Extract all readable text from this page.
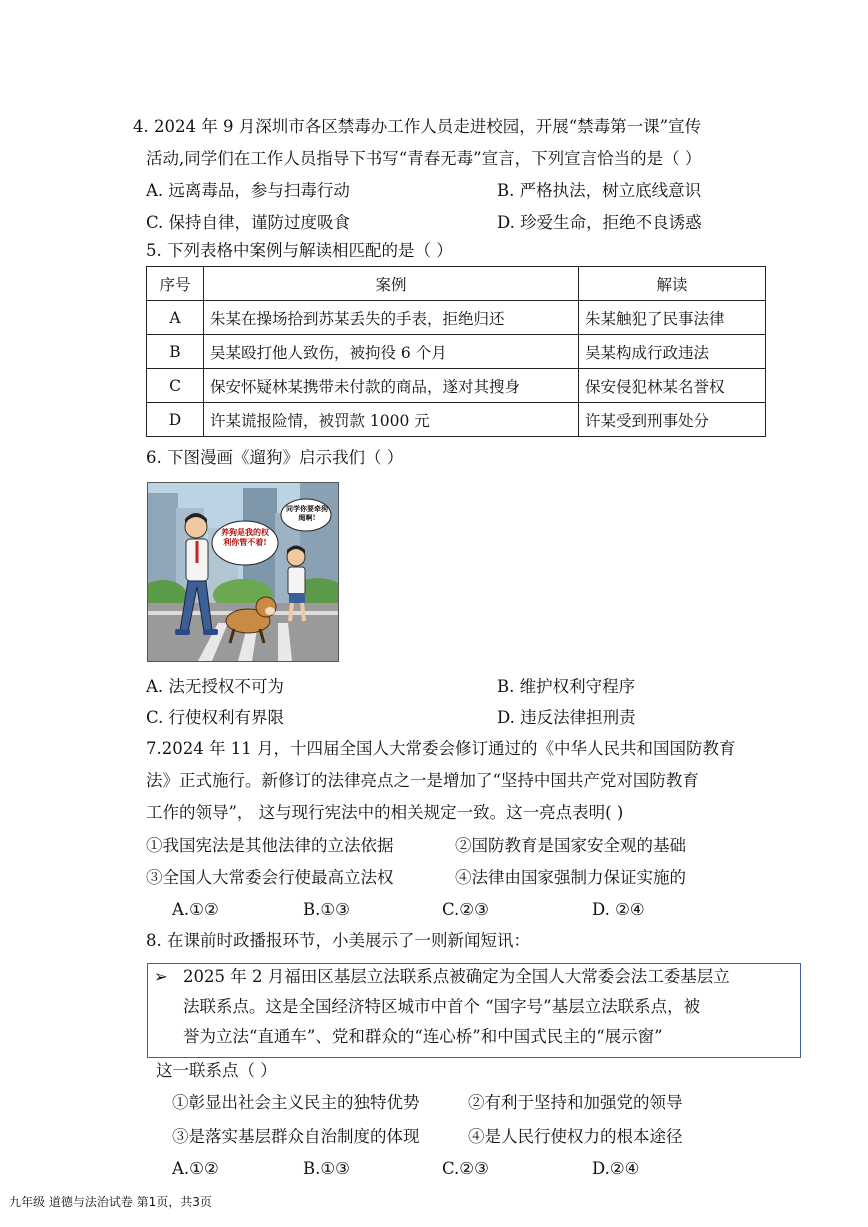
4. 2024 年 9 月深圳市各区禁毒办工作人员走进校园，开展“禁毒第一课”宣传
活动,同学们在工作人员指导下书写“青春无毒”宣言，下列宣言恰当的是（ ）
A. 远离毒品，参与扫毒行动	B. 严格执法，树立底线意识
C. 保持自律，谨防过度吸食	D. 珍爱生命，拒绝不良诱惑
5. 下列表格中案例与解读相匹配的是（ ）
序号	案例	解读
A	朱某在操场拾到苏某丢失的手表，拒绝归还	朱某触犯了民事法律
B	吴某殴打他人致伤，被拘役 6 个月	吴某构成行政违法
C	保安怀疑林某携带未付款的商品，遂对其搜身	保安侵犯林某名誉权
D	许某谎报险情，被罚款 1000 元	许某受到刑事处分
6. 下图漫画《遛狗》启示我们（ ）
养狗是我的权利你管不着!
同学你要牵狗绳啊!
A. 法无授权不可为	B. 维护权利守程序
C. 行使权利有界限	D. 违反法律担刑责
7.2024 年 11 月，十四届全国人大常委会修订通过的《中华人民共和国国防教育
法》正式施行。新修订的法律亮点之一是增加了“坚持中国共产党对国防教育
工作的领导”， 这与现行宪法中的相关规定一致。这一亮点表明( )
①我国宪法是其他法律的立法依据	②国防教育是国家安全观的基础
③全国人大常委会行使最高立法权	④法律由国家强制力保证实施的
A.①②	B.①③	C.②③	D. ②④
8. 在课前时政播报环节，小美展示了一则新闻短讯：
➢ 2025 年 2 月福田区基层立法联系点被确定为全国人大常委会法工委基层立
法联系点。这是全国经济特区城市中首个 “国字号”基层立法联系点，被
誉为立法“直通车”、党和群众的“连心桥”和中国式民主的“展示窗”
这一联系点（ ）
①彰显出社会主义民主的独特优势	②有利于坚持和加强党的领导
③是落实基层群众自治制度的体现	④是人民行使权力的根本途径
A.①②	B.①③	C.②③	D.②④
九年级 道德与法治试卷 第1页，共3页
